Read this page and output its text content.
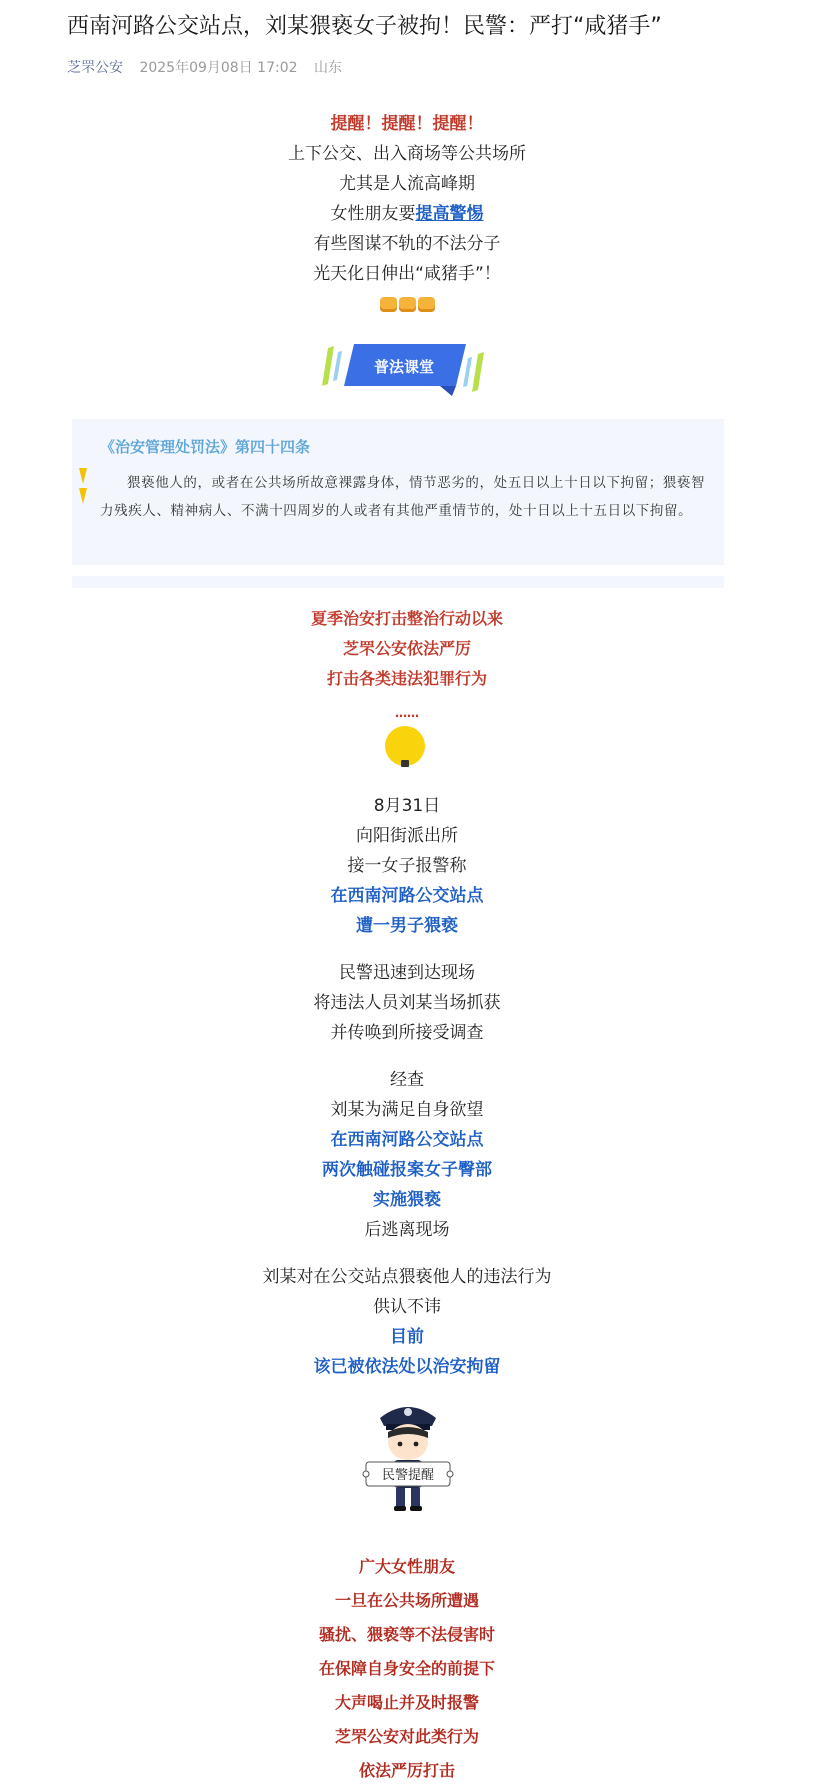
西南河路公交站点，刘某猥亵女子被拘！民警：严打“咸猪手”
芝罘公安 2025年09月08日 17:02 山东
提醒！提醒！提醒！
上下公交、出入商场等公共场所
尤其是人流高峰期
女性朋友要提高警惕
有些图谋不轨的不法分子
光天化日伸出“咸猪手”！
普法课堂
《治安管理处罚法》第四十四条
猥亵他人的，或者在公共场所故意裸露身体，情节恶劣的，处五日以上十日以下拘留；猥亵智力残疾人、精神病人、不满十四周岁的人或者有其他严重情节的，处十日以上十五日以下拘留。
夏季治安打击整治行动以来
芝罘公安依法严厉
打击各类违法犯罪行为
……
8月31日
向阳街派出所
接一女子报警称
在西南河路公交站点
遭一男子猥亵
民警迅速到达现场
将违法人员刘某当场抓获
并传唤到所接受调查
经查
刘某为满足自身欲望
在西南河路公交站点
两次触碰报案女子臀部
实施猥亵
后逃离现场
刘某对在公交站点猥亵他人的违法行为
供认不讳
目前
该已被依法处以治安拘留
民警提醒
广大女性朋友
一旦在公共场所遭遇
骚扰、猥亵等不法侵害时
在保障自身安全的前提下
大声喝止并及时报警
芝罘公安对此类行为
依法严厉打击
